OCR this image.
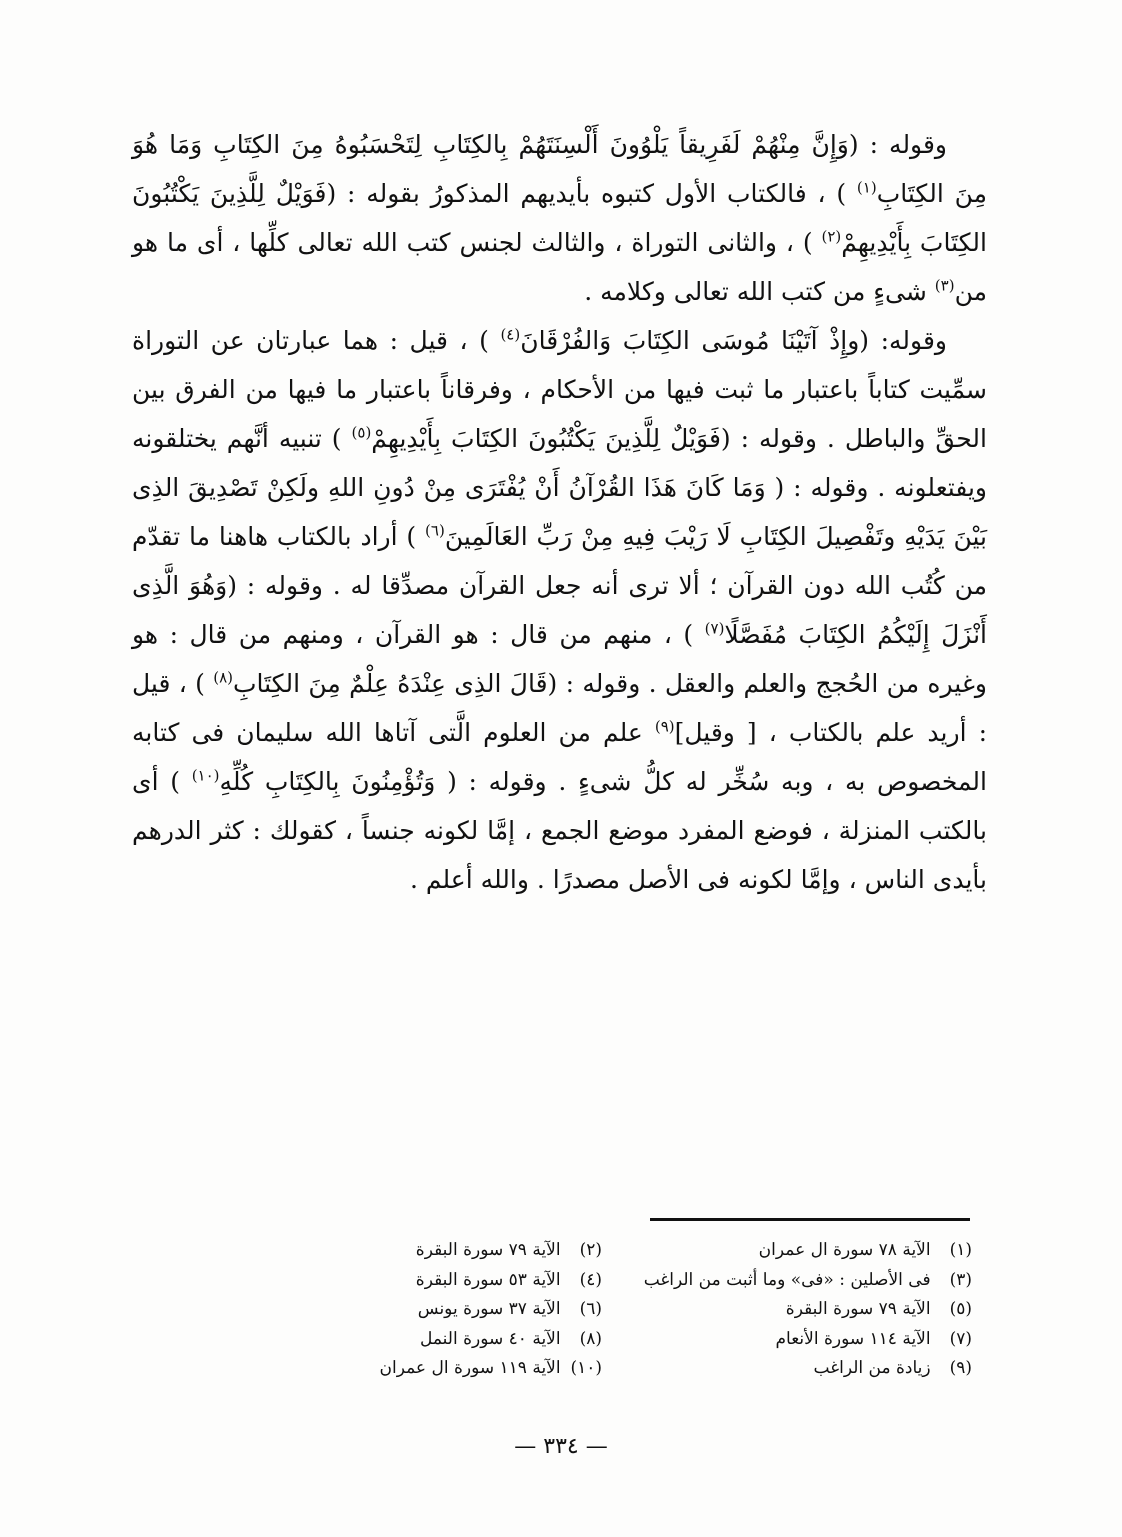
وقوله : (وَإِنَّ مِنْهُمْ لَفَرِيقاً يَلْوُونَ أَلْسِنَتَهُمْ بِالكِتَابِ لِتَحْسَبُوهُ مِنَ الكِتَابِ وَمَا هُوَ مِنَ الكِتَابِ$^{(١)}$ ) ، فالكتاب الأول كتبوه بأيديهم المذكورُ بقوله : (فَوَيْلٌ لِلَّذِينَ يَكْتُبُونَ الكِتَابَ بِأَيْدِيهِمْ$^{(٢)}$ ) ، والثانى التوراة ، والثالث لجنس كتب الله تعالى كلِّها ، أى ما هو من$^{(٣)}$ شىءٍ من كتب الله تعالى وكلامه .

وقوله: (وإِذْ آتَيْنَا مُوسَى الكِتَابَ وَالفُرْقَانَ$^{(٤)}$ ) ، قيل : هما عبارتان عن التوراة سمِّيت كتاباً باعتبار ما ثبت فيها من الأحكام ، وفرقاناً باعتبار ما فيها من الفرق بين الحقِّ والباطل . وقوله : (فَوَيْلٌ لِلَّذِينَ يَكْتُبُونَ الكِتَابَ بِأَيْدِيهِمْ$^{(٥)}$ ) تنبيه أنَّهم يختلقونه ويفتعلونه . وقوله : ( وَمَا كَانَ هَذَا القُرْآنُ أَنْ يُفْتَرَى مِنْ دُونِ اللهِ ولَكِنْ تَصْدِيقَ الذِى بَيْنَ يَدَيْهِ وتَفْصِيلَ الكِتَابِ لَا رَيْبَ فِيهِ مِنْ رَبِّ العَالَمِينَ$^{(٦)}$ ) أراد بالكتاب هاهنا ما تقدّم من كُتُب الله دون القرآن ؛ ألا ترى أنه جعل القرآن مصدِّقا له . وقوله : (وَهُوَ الَّذِى أَنْزَلَ إِلَيْكُمُ الكِتَابَ مُفَصَّلًا$^{(٧)}$ ) ، منهم من قال : هو القرآن ، ومنهم من قال : هو وغيره من الحُجج والعلم والعقل . وقوله : (قَالَ الذِى عِنْدَهُ عِلْمٌ مِنَ الكِتَابِ$^{(٨)}$ ) ، قيل : أريد علم بالكتاب ، [ وقيل]$^{(٩)}$ علم من العلوم الَّتى آتاها الله سليمان فى كتابه المخصوص به ، وبه سُخِّر له كلُّ شىءٍ . وقوله : ( وَتُؤْمِنُونَ بِالكِتَابِ كُلِّهِ$^{(١٠)}$ ) أى بالكتب المنزلة ، فوضع المفرد موضع الجمع ، إمَّا لكونه جنساً ، كقولك : كثر الدرهم بأيدى الناس ، وإمَّا لكونه فى الأصل مصدرًا . والله أعلم .

(١) الآية ٧٨ سورة ال عمران
(٢) الآية ٧٩ سورة البقرة
(٣) فى الأصلين : «فى» وما أثبت من الراغب
(٤) الآية ٥٣ سورة البقرة
(٥) الآية ٧٩ سورة البقرة
(٦) الآية ٣٧ سورة يونس
(٧) الآية ١١٤ سورة الأنعام
(٨) الآية ٤٠ سورة النمل
(٩) زيادة من الراغب
(١٠) الآية ١١٩ سورة ال عمران
— ٣٣٤ —
